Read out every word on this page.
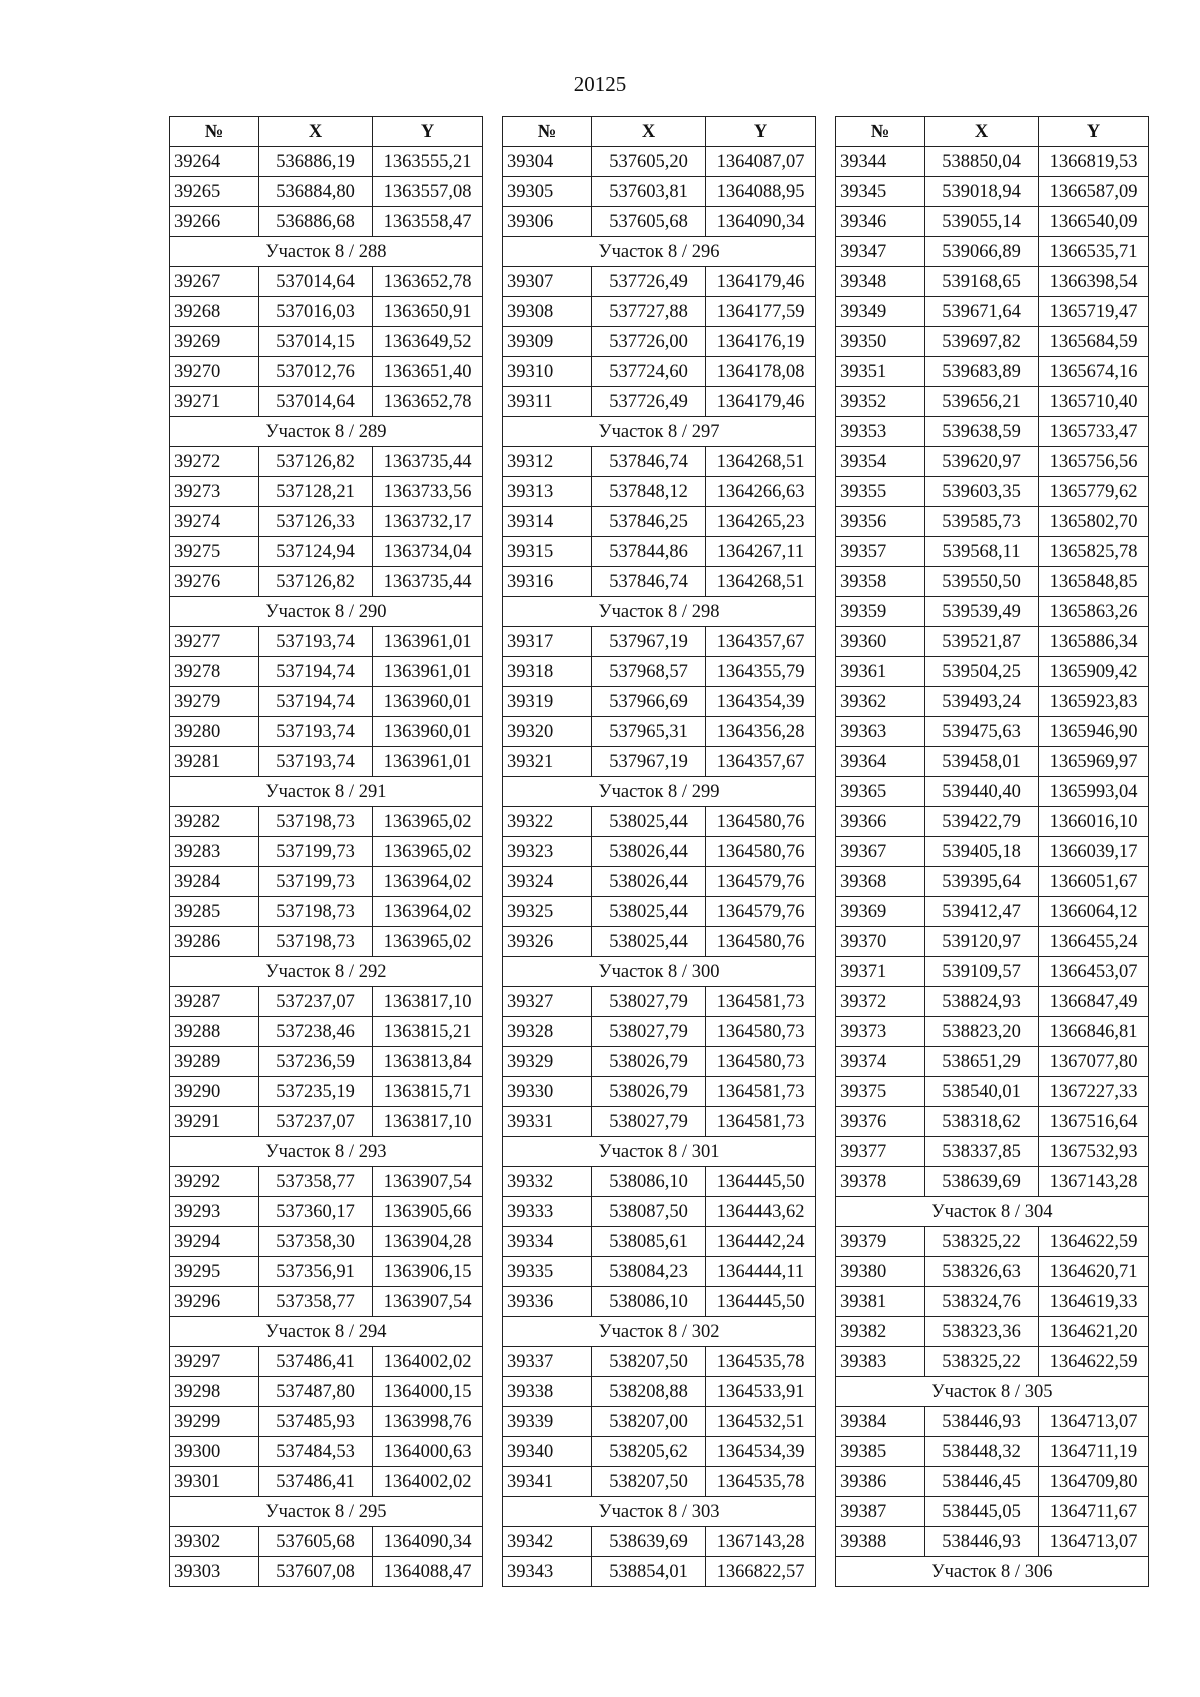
20125
№	X	Y
39264	536886,19	1363555,21
39265	536884,80	1363557,08
39266	536886,68	1363558,47
Участок 8 / 288		
39267	537014,64	1363652,78
39268	537016,03	1363650,91
39269	537014,15	1363649,52
39270	537012,76	1363651,40
39271	537014,64	1363652,78
Участок 8 / 289		
39272	537126,82	1363735,44
39273	537128,21	1363733,56
39274	537126,33	1363732,17
39275	537124,94	1363734,04
39276	537126,82	1363735,44
Участок 8 / 290		
39277	537193,74	1363961,01
39278	537194,74	1363961,01
39279	537194,74	1363960,01
39280	537193,74	1363960,01
39281	537193,74	1363961,01
Участок 8 / 291		
39282	537198,73	1363965,02
39283	537199,73	1363965,02
39284	537199,73	1363964,02
39285	537198,73	1363964,02
39286	537198,73	1363965,02
Участок 8 / 292		
39287	537237,07	1363817,10
39288	537238,46	1363815,21
39289	537236,59	1363813,84
39290	537235,19	1363815,71
39291	537237,07	1363817,10
Участок 8 / 293		
39292	537358,77	1363907,54
39293	537360,17	1363905,66
39294	537358,30	1363904,28
39295	537356,91	1363906,15
39296	537358,77	1363907,54
Участок 8 / 294		
39297	537486,41	1364002,02
39298	537487,80	1364000,15
39299	537485,93	1363998,76
39300	537484,53	1364000,63
39301	537486,41	1364002,02
Участок 8 / 295		
39302	537605,68	1364090,34
39303	537607,08	1364088,47
№	X	Y
39304	537605,20	1364087,07
39305	537603,81	1364088,95
39306	537605,68	1364090,34
Участок 8 / 296		
39307	537726,49	1364179,46
39308	537727,88	1364177,59
39309	537726,00	1364176,19
39310	537724,60	1364178,08
39311	537726,49	1364179,46
Участок 8 / 297		
39312	537846,74	1364268,51
39313	537848,12	1364266,63
39314	537846,25	1364265,23
39315	537844,86	1364267,11
39316	537846,74	1364268,51
Участок 8 / 298		
39317	537967,19	1364357,67
39318	537968,57	1364355,79
39319	537966,69	1364354,39
39320	537965,31	1364356,28
39321	537967,19	1364357,67
Участок 8 / 299		
39322	538025,44	1364580,76
39323	538026,44	1364580,76
39324	538026,44	1364579,76
39325	538025,44	1364579,76
39326	538025,44	1364580,76
Участок 8 / 300		
39327	538027,79	1364581,73
39328	538027,79	1364580,73
39329	538026,79	1364580,73
39330	538026,79	1364581,73
39331	538027,79	1364581,73
Участок 8 / 301		
39332	538086,10	1364445,50
39333	538087,50	1364443,62
39334	538085,61	1364442,24
39335	538084,23	1364444,11
39336	538086,10	1364445,50
Участок 8 / 302		
39337	538207,50	1364535,78
39338	538208,88	1364533,91
39339	538207,00	1364532,51
39340	538205,62	1364534,39
39341	538207,50	1364535,78
Участок 8 / 303		
39342	538639,69	1367143,28
39343	538854,01	1366822,57
№	X	Y
39344	538850,04	1366819,53
39345	539018,94	1366587,09
39346	539055,14	1366540,09
39347	539066,89	1366535,71
39348	539168,65	1366398,54
39349	539671,64	1365719,47
39350	539697,82	1365684,59
39351	539683,89	1365674,16
39352	539656,21	1365710,40
39353	539638,59	1365733,47
39354	539620,97	1365756,56
39355	539603,35	1365779,62
39356	539585,73	1365802,70
39357	539568,11	1365825,78
39358	539550,50	1365848,85
39359	539539,49	1365863,26
39360	539521,87	1365886,34
39361	539504,25	1365909,42
39362	539493,24	1365923,83
39363	539475,63	1365946,90
39364	539458,01	1365969,97
39365	539440,40	1365993,04
39366	539422,79	1366016,10
39367	539405,18	1366039,17
39368	539395,64	1366051,67
39369	539412,47	1366064,12
39370	539120,97	1366455,24
39371	539109,57	1366453,07
39372	538824,93	1366847,49
39373	538823,20	1366846,81
39374	538651,29	1367077,80
39375	538540,01	1367227,33
39376	538318,62	1367516,64
39377	538337,85	1367532,93
39378	538639,69	1367143,28
Участок 8 / 304		
39379	538325,22	1364622,59
39380	538326,63	1364620,71
39381	538324,76	1364619,33
39382	538323,36	1364621,20
39383	538325,22	1364622,59
Участок 8 / 305		
39384	538446,93	1364713,07
39385	538448,32	1364711,19
39386	538446,45	1364709,80
39387	538445,05	1364711,67
39388	538446,93	1364713,07
Участок 8 / 306		
